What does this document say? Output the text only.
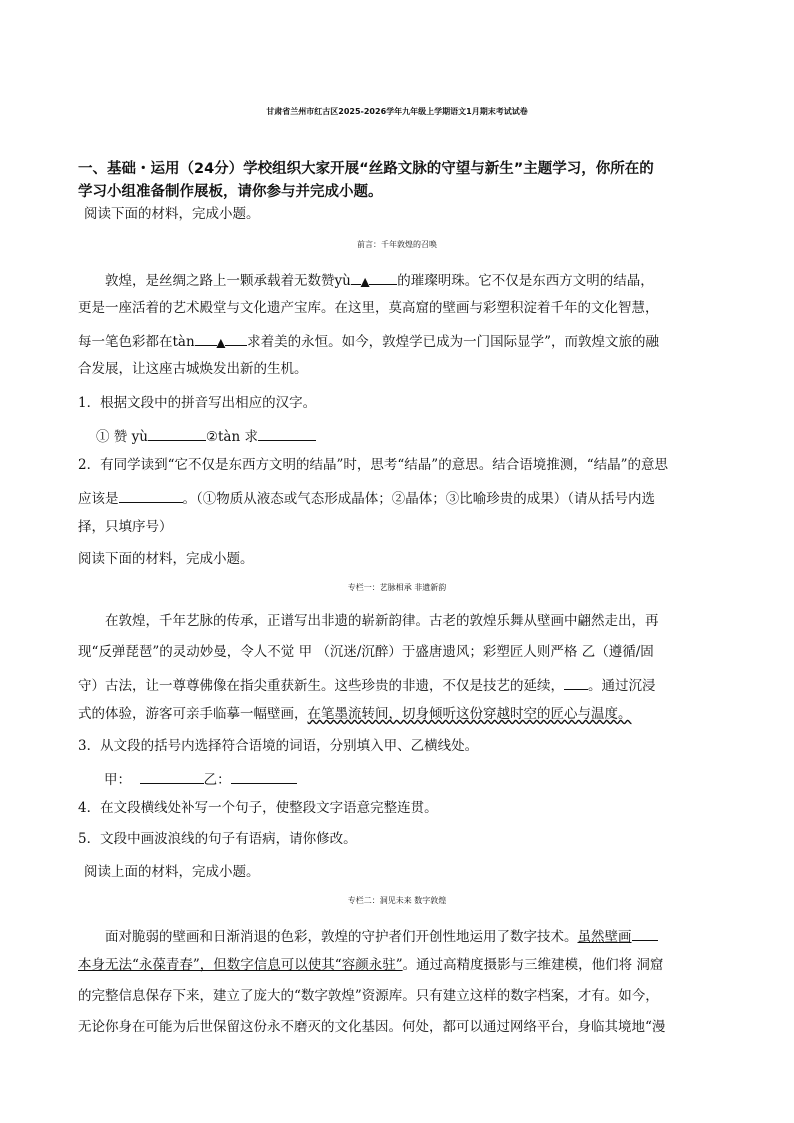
甘肃省兰州市红古区2025-2026学年九年级上学期语文1月期末考试试卷
一、基础・运用（24分）学校组织大家开展“丝路文脉的守望与新生”主题学习，你所在的
学习小组准备制作展板，请你参与并完成小题。
阅读下面的材料，完成小题。
前言：千年敦煌的召唤
敦煌，是丝绸之路上一颗承载着无数赞yù ▲ 的璀璨明珠。它不仅是东西方文明的结晶，
更是一座活着的艺术殿堂与文化遗产宝库。在这里，莫高窟的壁画与彩塑积淀着千年的文化智慧，
每一笔色彩都在tàn ▲ 求着美的永恒。如今，敦煌学已成为一门国际显学”，而敦煌文旅的融
合发展，让这座古城焕发出新的生机。
1．根据文段中的拼音写出相应的汉字。
① 赞 yù	②tàn 求
2．有同学读到“它不仅是东西方文明的结晶”时，思考“结晶”的意思。结合语境推测，“结晶”的意思
应该是	。（①物质从液态或气态形成晶体；②晶体；③比喻珍贵的成果）（请从括号内选
择，只填序号）
阅读下面的材料，完成小题。
专栏一：艺脉相承 非遗新韵
在敦煌，千年艺脉的传承，正谱写出非遗的崭新韵律。古老的敦煌乐舞从壁画中翩然走出，再
现“反弹琵琶”的灵动妙曼，令人不觉 甲 （沉迷/沉醉）于盛唐遗风；彩塑匠人则严格 乙（遵循/固
守）古法，让一尊尊佛像在指尖重获新生。这些珍贵的非遗，不仅是技艺的延续， 。通过沉浸
式的体验，游客可亲手临摹一幅壁画，在笔墨流转间，切身倾听这份穿越时空的匠心与温度。
3．从文段的括号内选择符合语境的词语，分别填入甲、乙横线处。
甲：	乙：
4．在文段横线处补写一个句子，使整段文字语意完整连贯。
5．文段中画波浪线的句子有语病，请你修改。
阅读上面的材料，完成小题。
专栏二：洞见未来 数字敦煌
面对脆弱的壁画和日渐消退的色彩，敦煌的守护者们开创性地运用了数字技术。虽然壁画
本身无法“永葆青春”，但数字信息可以使其“容颜永驻”。通过高精度摄影与三维建模，他们将 洞窟
的完整信息保存下来，建立了庞大的“数字敦煌”资源库。只有建立这样的数字档案，才有。如今，
无论你身在可能为后世保留这份永不磨灭的文化基因。何处，都可以通过网络平台，身临其境地“漫
